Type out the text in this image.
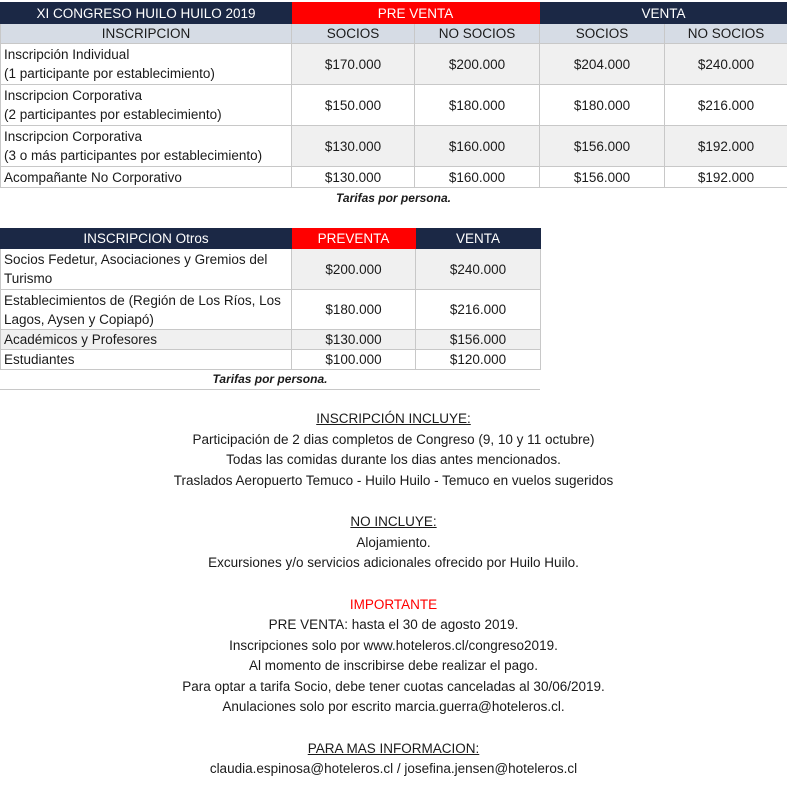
XI CONGRESO HUILO HUILO 2019	PRE VENTA		VENTA	
INSCRIPCION	SOCIOS	NO SOCIOS	SOCIOS	NO SOCIOS
Inscripción Individual
(1 participante por establecimiento)	$170.000	$200.000	$204.000	$240.000
Inscripcion Corporativa
(2 participantes por establecimiento)	$150.000	$180.000	$180.000	$216.000
Inscripcion Corporativa
(3 o más participantes por establecimiento)	$130.000	$160.000	$156.000	$192.000
Acompañante No Corporativo	$130.000	$160.000	$156.000	$192.000
Tarifas por persona.
INSCRIPCION Otros	PREVENTA	VENTA
Socios Fedetur, Asociaciones y Gremios del
Turismo	$200.000	$240.000
Establecimientos de (Región de Los Ríos, Los
Lagos, Aysen y Copiapó)	$180.000	$216.000
Académicos y Profesores	$130.000	$156.000
Estudiantes	$100.000	$120.000
Tarifas por persona.

INSCRIPCIÓN INCLUYE:

Participación de 2 dias completos de Congreso (9, 10 y 11 octubre)

Todas las comidas durante los dias antes mencionados.

Traslados Aeropuerto Temuco - Huilo Huilo - Temuco en vuelos sugeridos

NO INCLUYE:

Alojamiento.

Excursiones y/o servicios adicionales ofrecido por Huilo Huilo.

IMPORTANTE

PRE VENTA: hasta el 30 de agosto 2019.

Inscripciones solo por www.hoteleros.cl/congreso2019.

Al momento de inscribirse debe realizar el pago.

Para optar a tarifa Socio, debe tener cuotas canceladas al 30/06/2019.

Anulaciones solo por escrito marcia.guerra@hoteleros.cl.

PARA MAS INFORMACION:

claudia.espinosa@hoteleros.cl / josefina.jensen@hoteleros.cl
